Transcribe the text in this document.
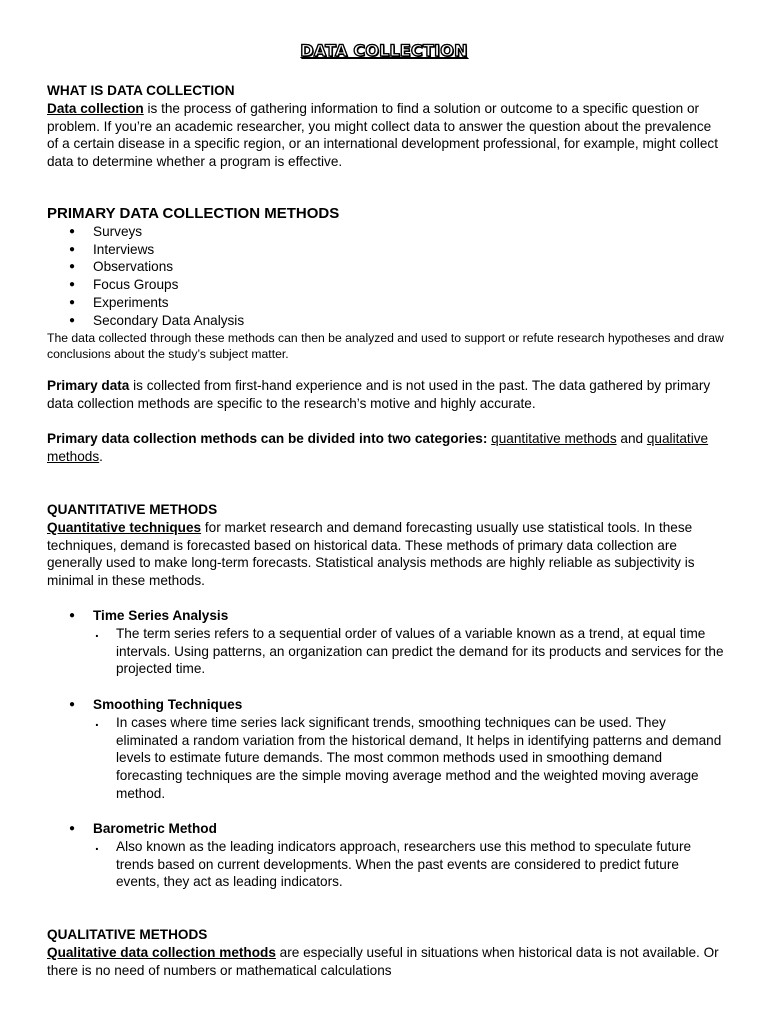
DATA COLLECTION
WHAT IS DATA COLLECTION

Data collection is the process of gathering information to find a solution or outcome to a specific question or problem. If you’re an academic researcher, you might collect data to answer the question about the prevalence of a certain disease in a specific region, or an international development professional, for example, might collect data to determine whether a program is effective.

PRIMARY DATA COLLECTION METHODS
● Surveys
● Interviews
● Observations
● Focus Groups
● Experiments
● Secondary Data Analysis

The data collected through these methods can then be analyzed and used to support or refute research hypotheses and draw conclusions about the study’s subject matter.

Primary data is collected from first-hand experience and is not used in the past. The data gathered by primary data collection methods are specific to the research’s motive and highly accurate.

Primary data collection methods can be divided into two categories: quantitative methods and qualitative methods.

QUANTITATIVE METHODS

Quantitative techniques for market research and demand forecasting usually use statistical tools. In these techniques, demand is forecasted based on historical data. These methods of primary data collection are generally used to make long-term forecasts. Statistical analysis methods are highly reliable as subjectivity is minimal in these methods.

● Time Series Analysis
. The term series refers to a sequential order of values of a variable known as a trend, at equal time intervals. Using patterns, an organization can predict the demand for its products and services for the projected time.
● Smoothing Techniques
. In cases where time series lack significant trends, smoothing techniques can be used. They eliminated a random variation from the historical demand, It helps in identifying patterns and demand levels to estimate future demands. The most common methods used in smoothing demand forecasting techniques are the simple moving average method and the weighted moving average method.
● Barometric Method
. Also known as the leading indicators approach, researchers use this method to speculate future trends based on current developments. When the past events are considered to predict future events, they act as leading indicators.
QUALITATIVE METHODS

Qualitative data collection methods are especially useful in situations when historical data is not available. Or there is no need of numbers or mathematical calculations
